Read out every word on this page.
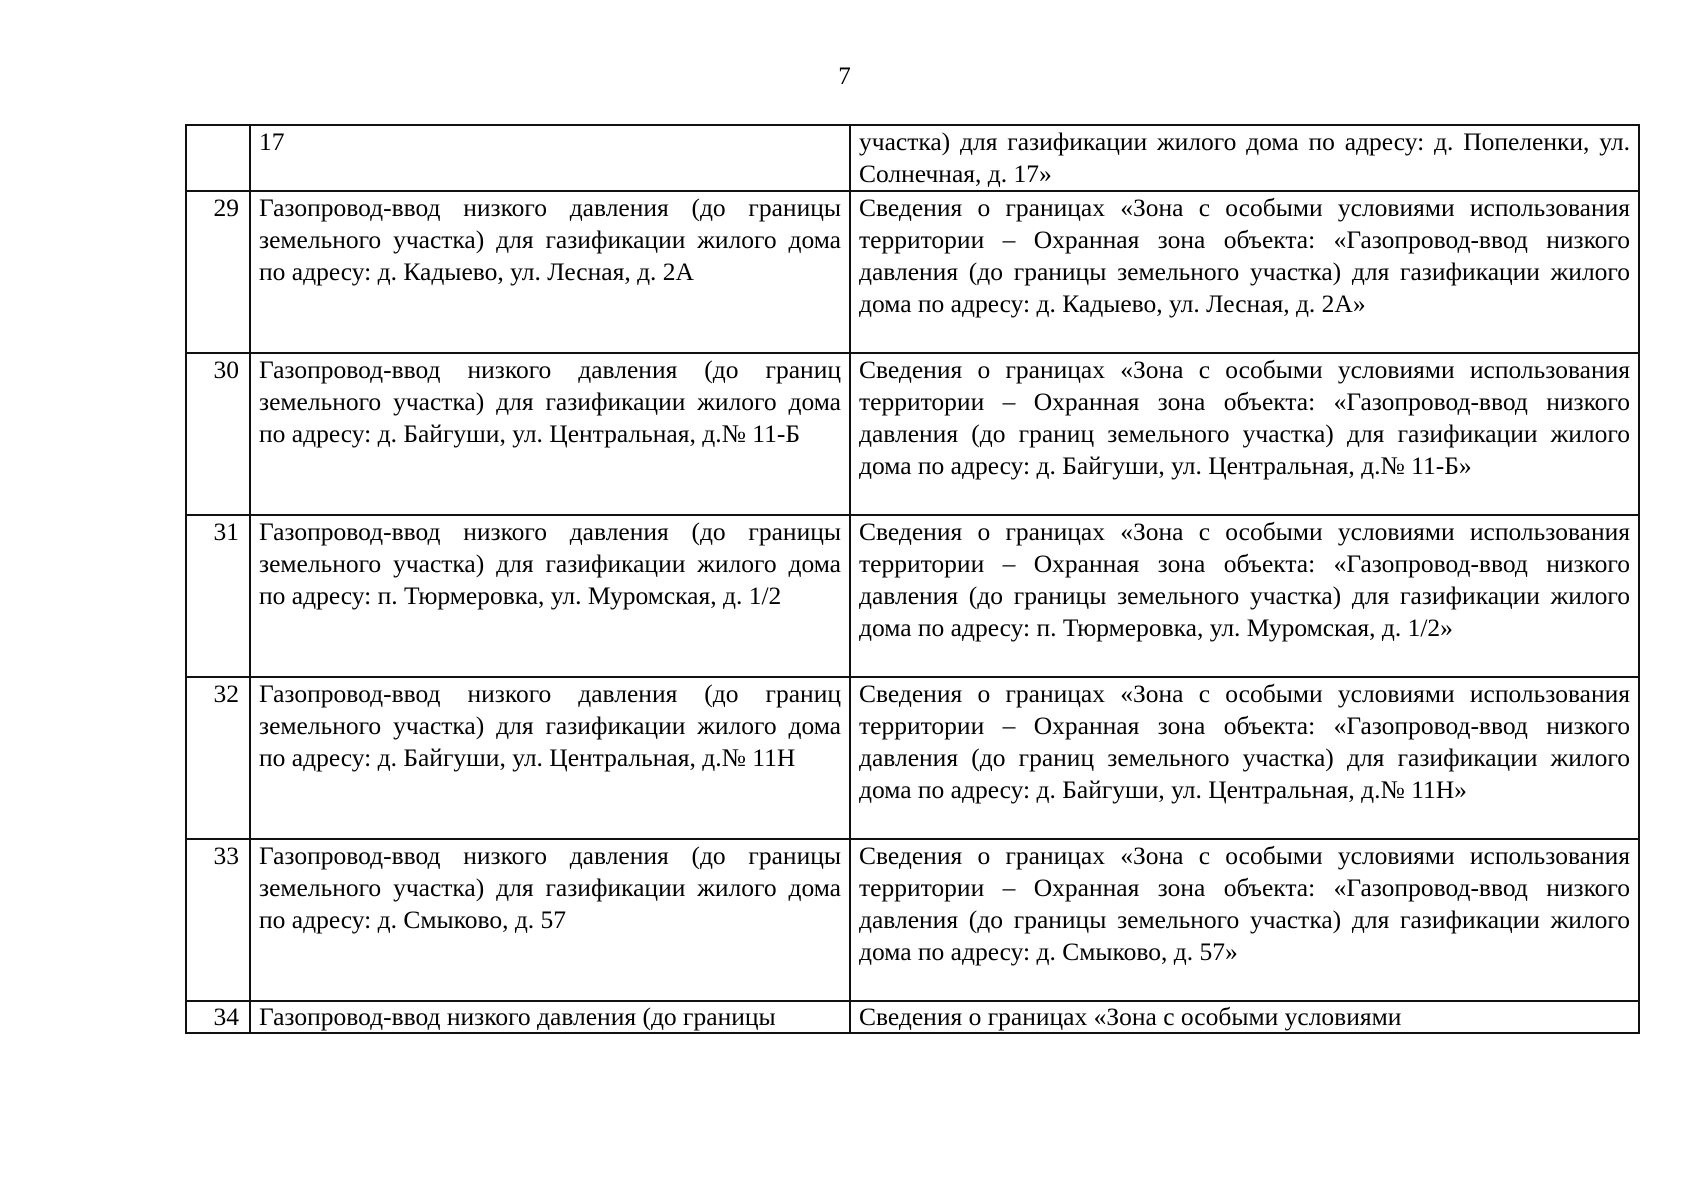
7
	17	участка) для газификации жилого дома по адресу: д. Попеленки, ул. Солнечная, д. 17»
29	Газопровод-ввод низкого давления (до границы земельного участка) для газификации жилого дома по адресу: д. Кадыево, ул. Лесная, д. 2А	Сведения о границах «Зона с особыми условиями использования территории – Охранная зона объекта: «Газопровод-ввод низкого давления (до границы земельного участка) для газификации жилого дома по адресу: д. Кадыево, ул. Лесная, д. 2А»
30	Газопровод-ввод низкого давления (до границ земельного участка) для газификации жилого дома по адресу: д. Байгуши, ул. Центральная, д.№ 11-Б	Сведения о границах «Зона с особыми условиями использования территории – Охранная зона объекта: «Газопровод-ввод низкого давления (до границ земельного участка) для газификации жилого дома по адресу: д. Байгуши, ул. Центральная, д.№ 11-Б»
31	Газопровод-ввод низкого давления (до границы земельного участка) для газификации жилого дома по адресу: п. Тюрмеровка, ул. Муромская, д. 1/2	Сведения о границах «Зона с особыми условиями использования территории – Охранная зона объекта: «Газопровод-ввод низкого давления (до границы земельного участка) для газификации жилого дома по адресу: п. Тюрмеровка, ул. Муромская, д. 1/2»
32	Газопровод-ввод низкого давления (до границ земельного участка) для газификации жилого дома по адресу: д. Байгуши, ул. Центральная, д.№ 11Н	Сведения о границах «Зона с особыми условиями использования территории – Охранная зона объекта: «Газопровод-ввод низкого давления (до границ земельного участка) для газификации жилого дома по адресу: д. Байгуши, ул. Центральная, д.№ 11Н»
33	Газопровод-ввод низкого давления (до границы земельного участка) для газификации жилого дома по адресу: д. Смыково, д. 57	Сведения о границах «Зона с особыми условиями использования территории – Охранная зона объекта: «Газопровод-ввод низкого давления (до границы земельного участка) для газификации жилого дома по адресу: д. Смыково, д. 57»
34	Газопровод-ввод низкого давления (до границы	Сведения о границах «Зона с особыми условиями
